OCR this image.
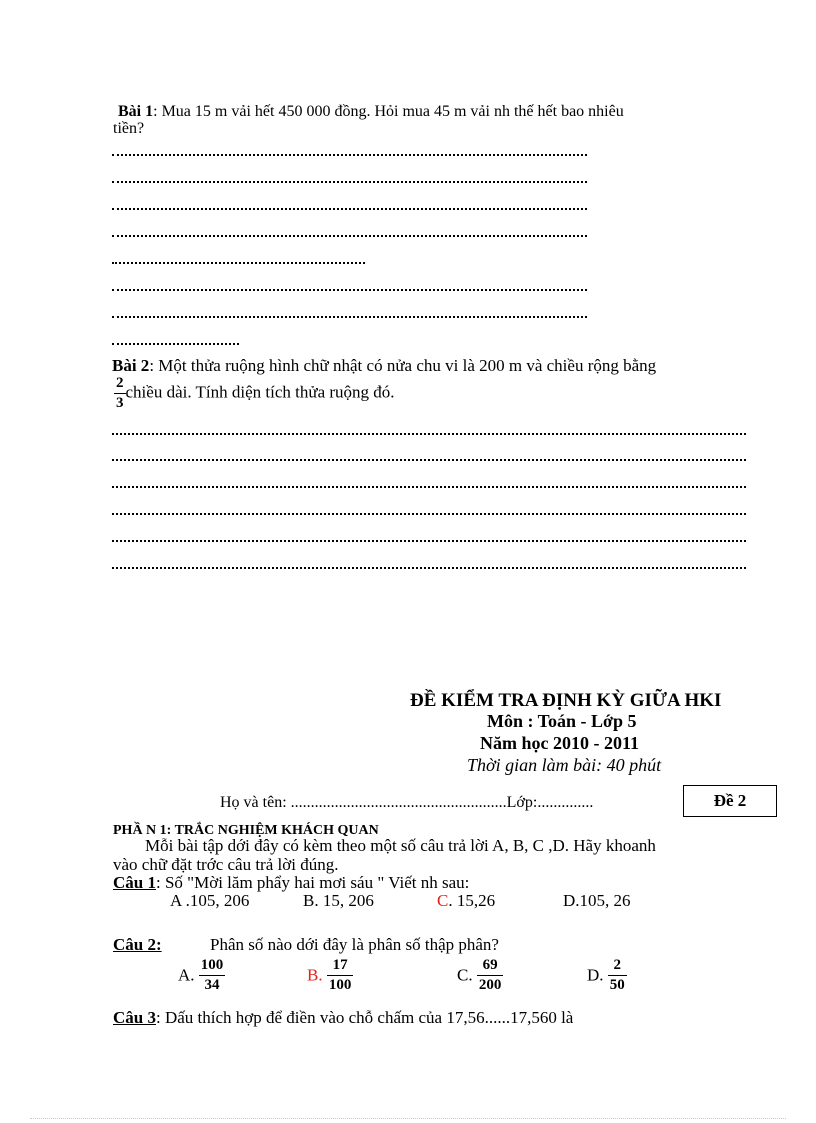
Bài 1: Mua 15 m vải hết 450 000 đồng. Hỏi mua 45 m vải nh thế hết bao nhiêu
tiền?
Bài 2: Một thửa ruộng hình chữ nhật có nửa chu vi là 200 m và chiều rộng bằng
$\frac{2}{3}$ chiều dài. Tính diện tích thửa ruộng đó.
ĐỀ KIỂM TRA ĐỊNH KỲ GIỮA HKI
Môn : Toán - Lớp 5
Năm học 2010 - 2011
Thời gian làm bài: 40 phút
Họ và tên: ......................................................Lớp:..............	Đề 2
PHẦ N 1: TRẮC NGHIỆM KHÁCH QUAN
Mỗi bài tập dới đây có kèm theo một số câu trả lời A, B, C ,D. Hãy khoanh
vào chữ đặt trớc câu trả lời đúng.
Câu 1: Số "Mời lăm phẩy hai mơi sáu " Viết nh sau:
A .105, 206	B. 15, 206	C. 15,26	D.105, 26
Câu 2:	Phân số nào dới đây là phân số thập phân?
A. $\frac{100}{34}$	B. $\frac{17}{100}$	C. $\frac{69}{200}$	D. $\frac{2}{50}$
Câu 3: Dấu thích hợp để điền vào chỗ chấm của 17,56......17,560 là
